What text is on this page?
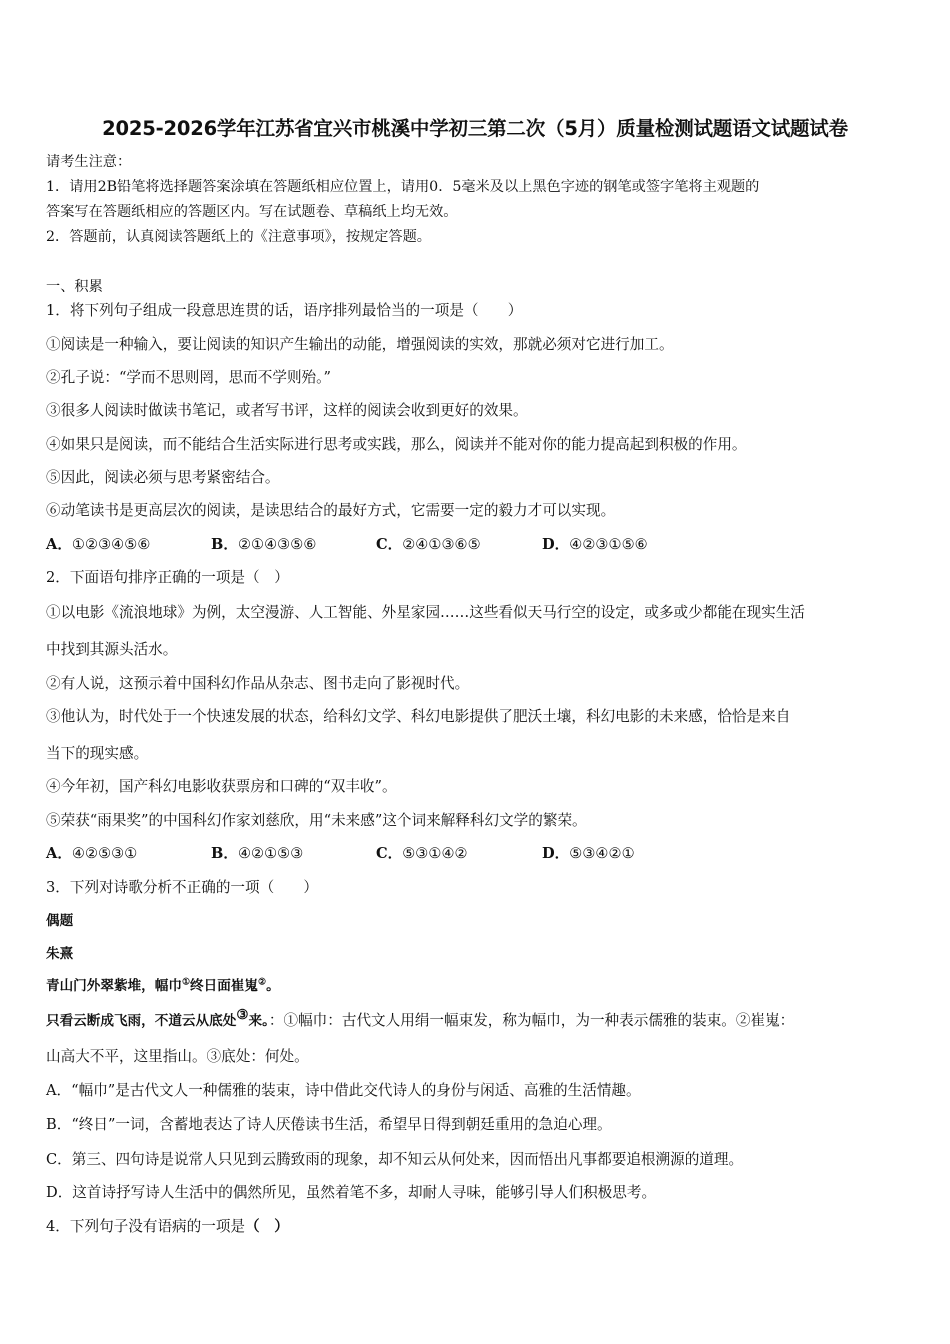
2025-2026学年江苏省宜兴市桃溪中学初三第二次（5月）质量检测试题语文试题试卷
请考生注意：
1．请用2B铅笔将选择题答案涂填在答题纸相应位置上，请用0．5毫米及以上黑色字迹的钢笔或签字笔将主观题的
答案写在答题纸相应的答题区内。写在试题卷、草稿纸上均无效。
2．答题前，认真阅读答题纸上的《注意事项》，按规定答题。
一、积累
1．将下列句子组成一段意思连贯的话，语序排列最恰当的一项是（　　）
①阅读是一种输入，要让阅读的知识产生输出的动能，增强阅读的实效，那就必须对它进行加工。
②孔子说：“学而不思则罔，思而不学则殆。”
③很多人阅读时做读书笔记，或者写书评，这样的阅读会收到更好的效果。
④如果只是阅读，而不能结合生活实际进行思考或实践，那么，阅读并不能对你的能力提高起到积极的作用。
⑤因此，阅读必须与思考紧密结合。
⑥动笔读书是更高层次的阅读，是读思结合的最好方式，它需要一定的毅力才可以实现。
A．①②③④⑤⑥	B．②①④③⑤⑥	C．②④①③⑥⑤	D．④②③①⑤⑥
2．下面语句排序正确的一项是（　）
①以电影《流浪地球》为例，太空漫游、人工智能、外星家园……这些看似天马行空的设定，或多或少都能在现实生活
中找到其源头活水。
②有人说，这预示着中国科幻作品从杂志、图书走向了影视时代。
③他认为，时代处于一个快速发展的状态，给科幻文学、科幻电影提供了肥沃土壤，科幻电影的未来感，恰恰是来自
当下的现实感。
④今年初，国产科幻电影收获票房和口碑的“双丰收”。
⑤荣获“雨果奖”的中国科幻作家刘慈欣，用“未来感”这个词来解释科幻文学的繁荣。
A．④②⑤③①	B．④②①⑤③	C．⑤③①④②	D．⑤③④②①
3．下列对诗歌分析不正确的一项（　　）
偶题
朱熹
青山门外翠紫堆，幅巾①终日面崔嵬②。
只看云断成飞雨，不道云从底处③来。：①幅巾：古代文人用绢一幅束发，称为幅巾，为一种表示儒雅的装束。②崔嵬：
山高大不平，这里指山。③底处：何处。
A．“幅巾”是古代文人一种儒雅的装束，诗中借此交代诗人的身份与闲适、高雅的生活情趣。
B．“终日”一词，含蓄地表达了诗人厌倦读书生活，希望早日得到朝廷重用的急迫心理。
C．第三、四句诗是说常人只见到云腾致雨的现象，却不知云从何处来，因而悟出凡事都要追根溯源的道理。
D．这首诗抒写诗人生活中的偶然所见，虽然着笔不多，却耐人寻味，能够引导人们积极思考。
4．下列句子没有语病的一项是（　）
